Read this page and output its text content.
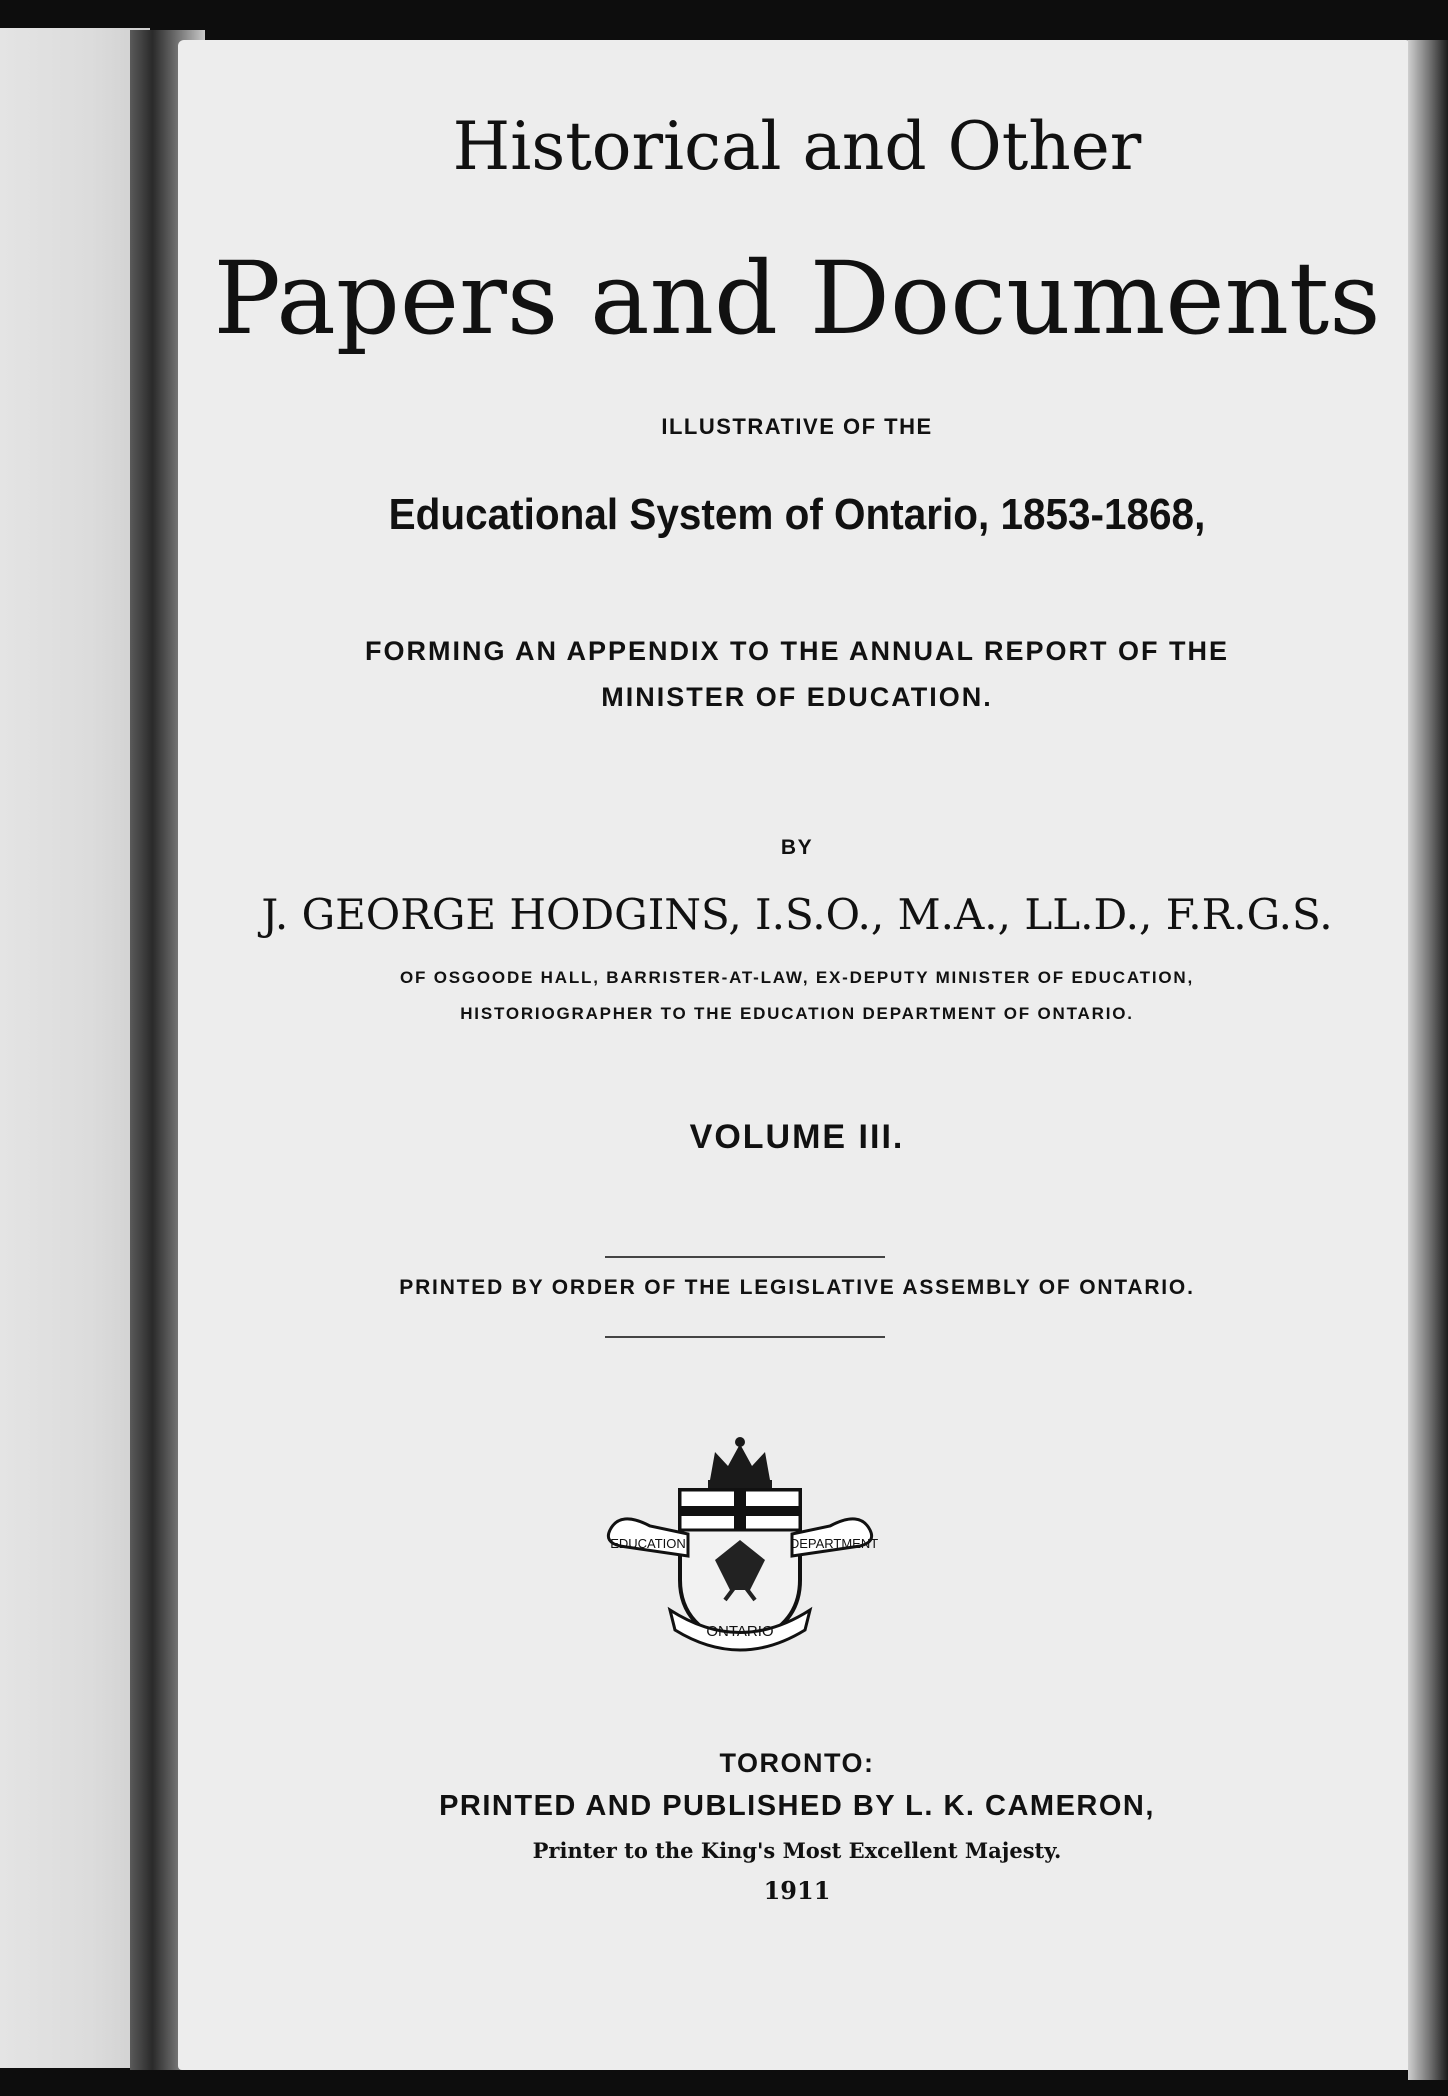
Historical and Other
Papers and Documents
ILLUSTRATIVE OF THE
Educational System of Ontario, 1853-1868,
FORMING AN APPENDIX TO THE ANNUAL REPORT OF THE
MINISTER OF EDUCATION.
BY
J. GEORGE HODGINS, I.S.O., M.A., LL.D., F.R.G.S.
OF OSGOODE HALL, BARRISTER-AT-LAW, EX-DEPUTY MINISTER OF EDUCATION,
HISTORIOGRAPHER TO THE EDUCATION DEPARTMENT OF ONTARIO.
VOLUME III.
PRINTED BY ORDER OF THE LEGISLATIVE ASSEMBLY OF ONTARIO.
EDUCATION	DEPARTMENT
ONTARIO
TORONTO:
PRINTED AND PUBLISHED BY L. K. CAMERON,
Printer to the King's Most Excellent Majesty.
1911
